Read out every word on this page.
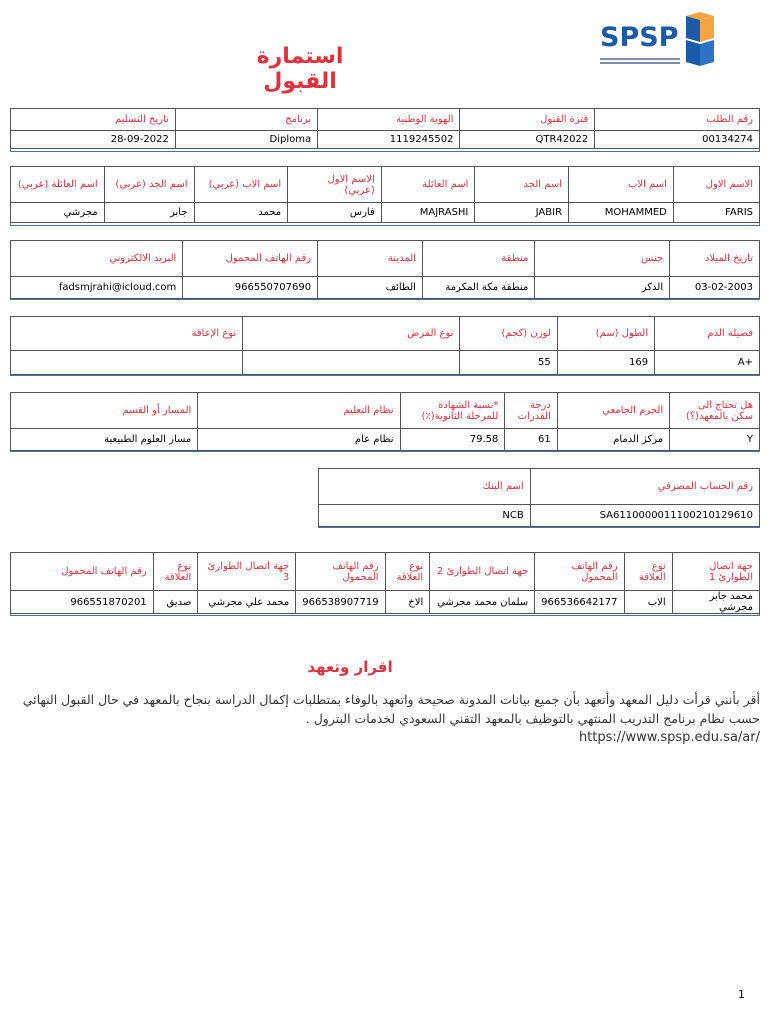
SPSP
استمارة القبول
رقم الطلب	فترة القبول	الهوية الوطنية	برنامج	تاريخ التسليم
00134274	QTR42022	1119245502	Diploma	28-09-2022
الاسم الاول	اسم الاب	اسم الجد	اسم العائلة	الاسم الاول (عربي)	اسم الاب (عربي)	اسم الجد (عربي)	اسم العائلة (عربي)
FARIS	MOHAMMED	JABIR	MAJRASHI	فارس	محمد	جابر	مجرشي
تاريخ الميلاد	جنس	منطقة	المدينة	رقم الهاتف المحمول	البريد الالكتروني
03-02-2003	الذكر	منطقة مكة المكرمة	الطائف	966550707690	fadsmjrahi@icloud.com
فصيلة الدم	الطول (سم)	لوزن (كجم)	نوع المرض	نوع الإعاقة
A+	169	55		
هل تحتاج الى سكن بالمعهد(؟)	الحرم الجامعي	درجة القدرات	*نسبة الشهادة للمرحلة الثانوية(٪)	نظام التعليم	المسار أو القسم
Y	مركز الدمام	61	79.58	نظام عام	مسار العلوم الطبيعية
رقم الحساب المصرفي	اسم البنك
SA6110000011100210129610	NCB
جهة اتصال الطوارئ 1	نوع العلاقة	رقم الهاتف المحمول	جهة اتصال الطوارئ 2	نوع العلاقة	رقم الهاتف المحمول	جهة اتصال الطوارئ 3	نوع العلاقة	رقم الهاتف المحمول
محمد جابر مجرشي	الاب	966536642177	سلمان محمد مجرشي	الاخ	966538907719	محمد علي مجرشي	صديق	966551870201
اقرار وتعهد
أقر بأنني قرأت دليل المعهد وأتعهد بأن جميع بيانات المدونة صحيحة واتعهد بالوفاء بمتطلبات إكمال الدراسة بنجاح بالمعهد في حال القبول النهائي حسب نظام برنامج التدريب المنتهي بالتوظيف بالمعهد التقني السعودي لخدمات البترول .
https://www.spsp.edu.sa/ar/
1
